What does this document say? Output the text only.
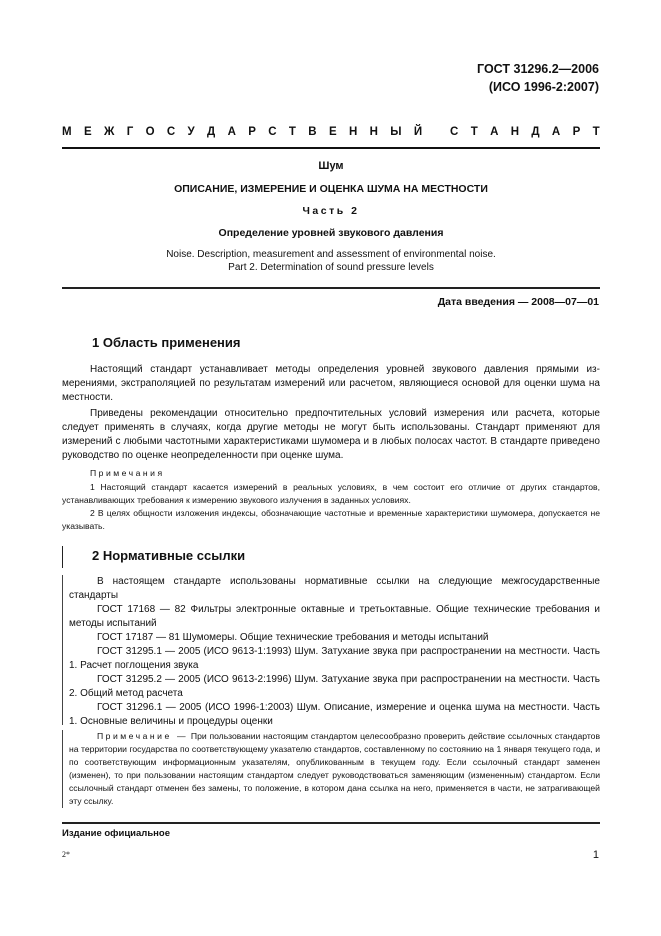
ГОСТ 31296.2—2006
(ИСО 1996-2:2007)
М Е Ж Г О С У Д А Р С Т В Е Н Н Ы Й
С Т А Н Д А Р Т
Шум
ОПИСАНИЕ, ИЗМЕРЕНИЕ И ОЦЕНКА ШУМА НА МЕСТНОСТИ
Часть 2
Определение уровней звукового давления
Noise. Description, measurement and assessment of environmental noise.
Part 2. Determination of sound pressure levels
Дата введения — 2008—07—01
1 Область применения
Настоящий стандарт устанавливает методы определения уровней звукового давления прямыми измерениями, экстраполяцией по результатам измерений или расчетом, являющиеся основой для оценки шума на местности.
Приведены рекомендации относительно предпочтительных условий измерения или расчета, которые следует применять в случаях, когда другие методы не могут быть использованы. Стандарт применяют для измерений с любыми частотными характеристиками шумомера и в любых полосах частот. В стандарте приведено руководство по оценке неопределенности при оценке шума.
Примечания
1 Настоящий стандарт касается измерений в реальных условиях, в чем состоит его отличие от других стандартов, устанавливающих требования к измерению звукового излучения в заданных условиях.
2 В целях общности изложения индексы, обозначающие частотные и временные характеристики шумомера, допускается не указывать.
2 Нормативные ссылки
В настоящем стандарте использованы нормативные ссылки на следующие межгосударственные стандарты
ГОСТ 17168 — 82 Фильтры электронные октавные и третьоктавные. Общие технические требования и методы испытаний
ГОСТ 17187 — 81 Шумомеры. Общие технические требования и методы испытаний
ГОСТ 31295.1 — 2005 (ИСО 9613-1:1993) Шум. Затухание звука при распространении на местности. Часть 1. Расчет поглощения звука
ГОСТ 31295.2 — 2005 (ИСО 9613-2:1996) Шум. Затухание звука при распространении на местности. Часть 2. Общий метод расчета
ГОСТ 31296.1 — 2005 (ИСО 1996-1:2003) Шум. Описание, измерение и оценка шума на местности. Часть 1. Основные величины и процедуры оценки
Примечание — При пользовании настоящим стандартом целесообразно проверить действие ссылочных стандартов на территории государства по соответствующему указателю стандартов, составленному по состоянию на 1 января текущего года, и по соответствующим информационным указателям, опубликованным в текущем году. Если ссылочный стандарт заменен (изменен), то при пользовании настоящим стандартом следует руководствоваться заменяющим (измененным) стандартом. Если ссылочный стандарт отменен без замены, то положение, в котором дана ссылка на него, применяется в части, не затрагивающей эту ссылку.
Издание официальное
2*	1
